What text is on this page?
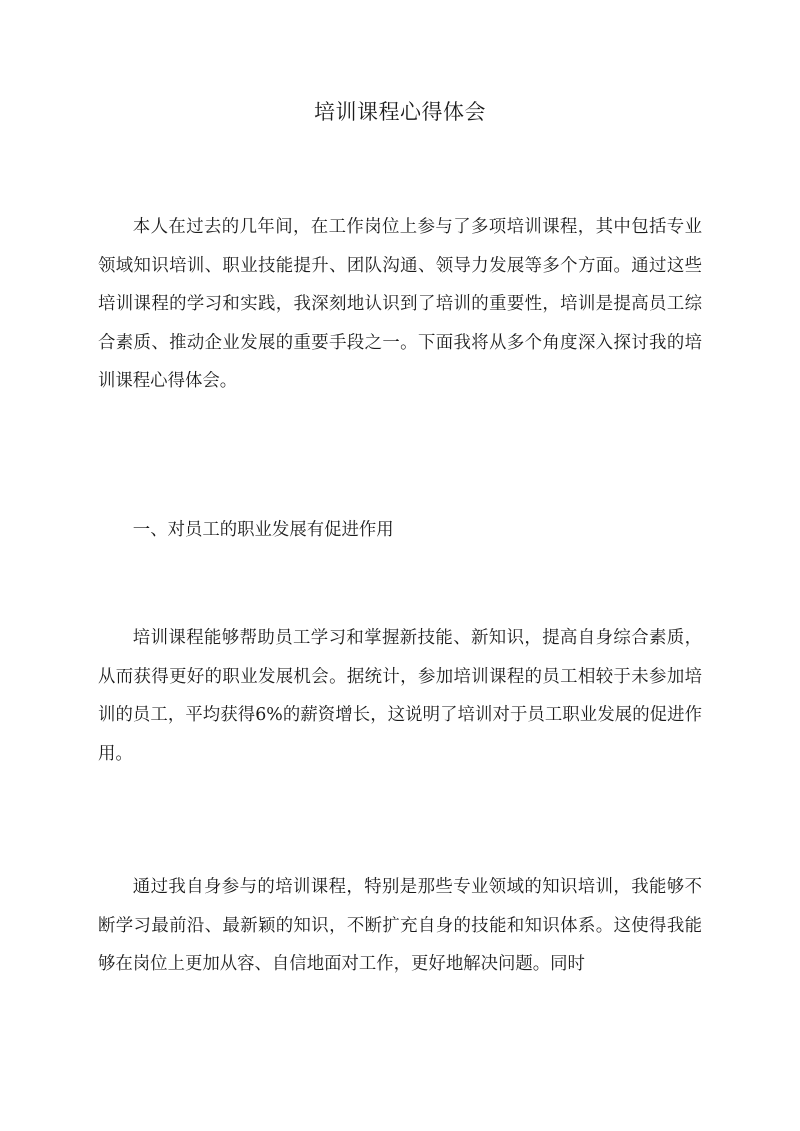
培训课程心得体会

本人在过去的几年间，在工作岗位上参与了多项培训课程，其中包括专业领域知识培训、职业技能提升、团队沟通、领导力发展等多个方面。通过这些培训课程的学习和实践，我深刻地认识到了培训的重要性，培训是提高员工综合素质、推动企业发展的重要手段之一。下面我将从多个角度深入探讨我的培训课程心得体会。

一、对员工的职业发展有促进作用

培训课程能够帮助员工学习和掌握新技能、新知识，提高自身综合素质，从而获得更好的职业发展机会。据统计，参加培训课程的员工相较于未参加培训的员工，平均获得6%的薪资增长，这说明了培训对于员工职业发展的促进作用。

通过我自身参与的培训课程，特别是那些专业领域的知识培训，我能够不断学习最前沿、最新颖的知识，不断扩充自身的技能和知识体系。这使得我能够在岗位上更加从容、自信地面对工作，更好地解决问题。同时
